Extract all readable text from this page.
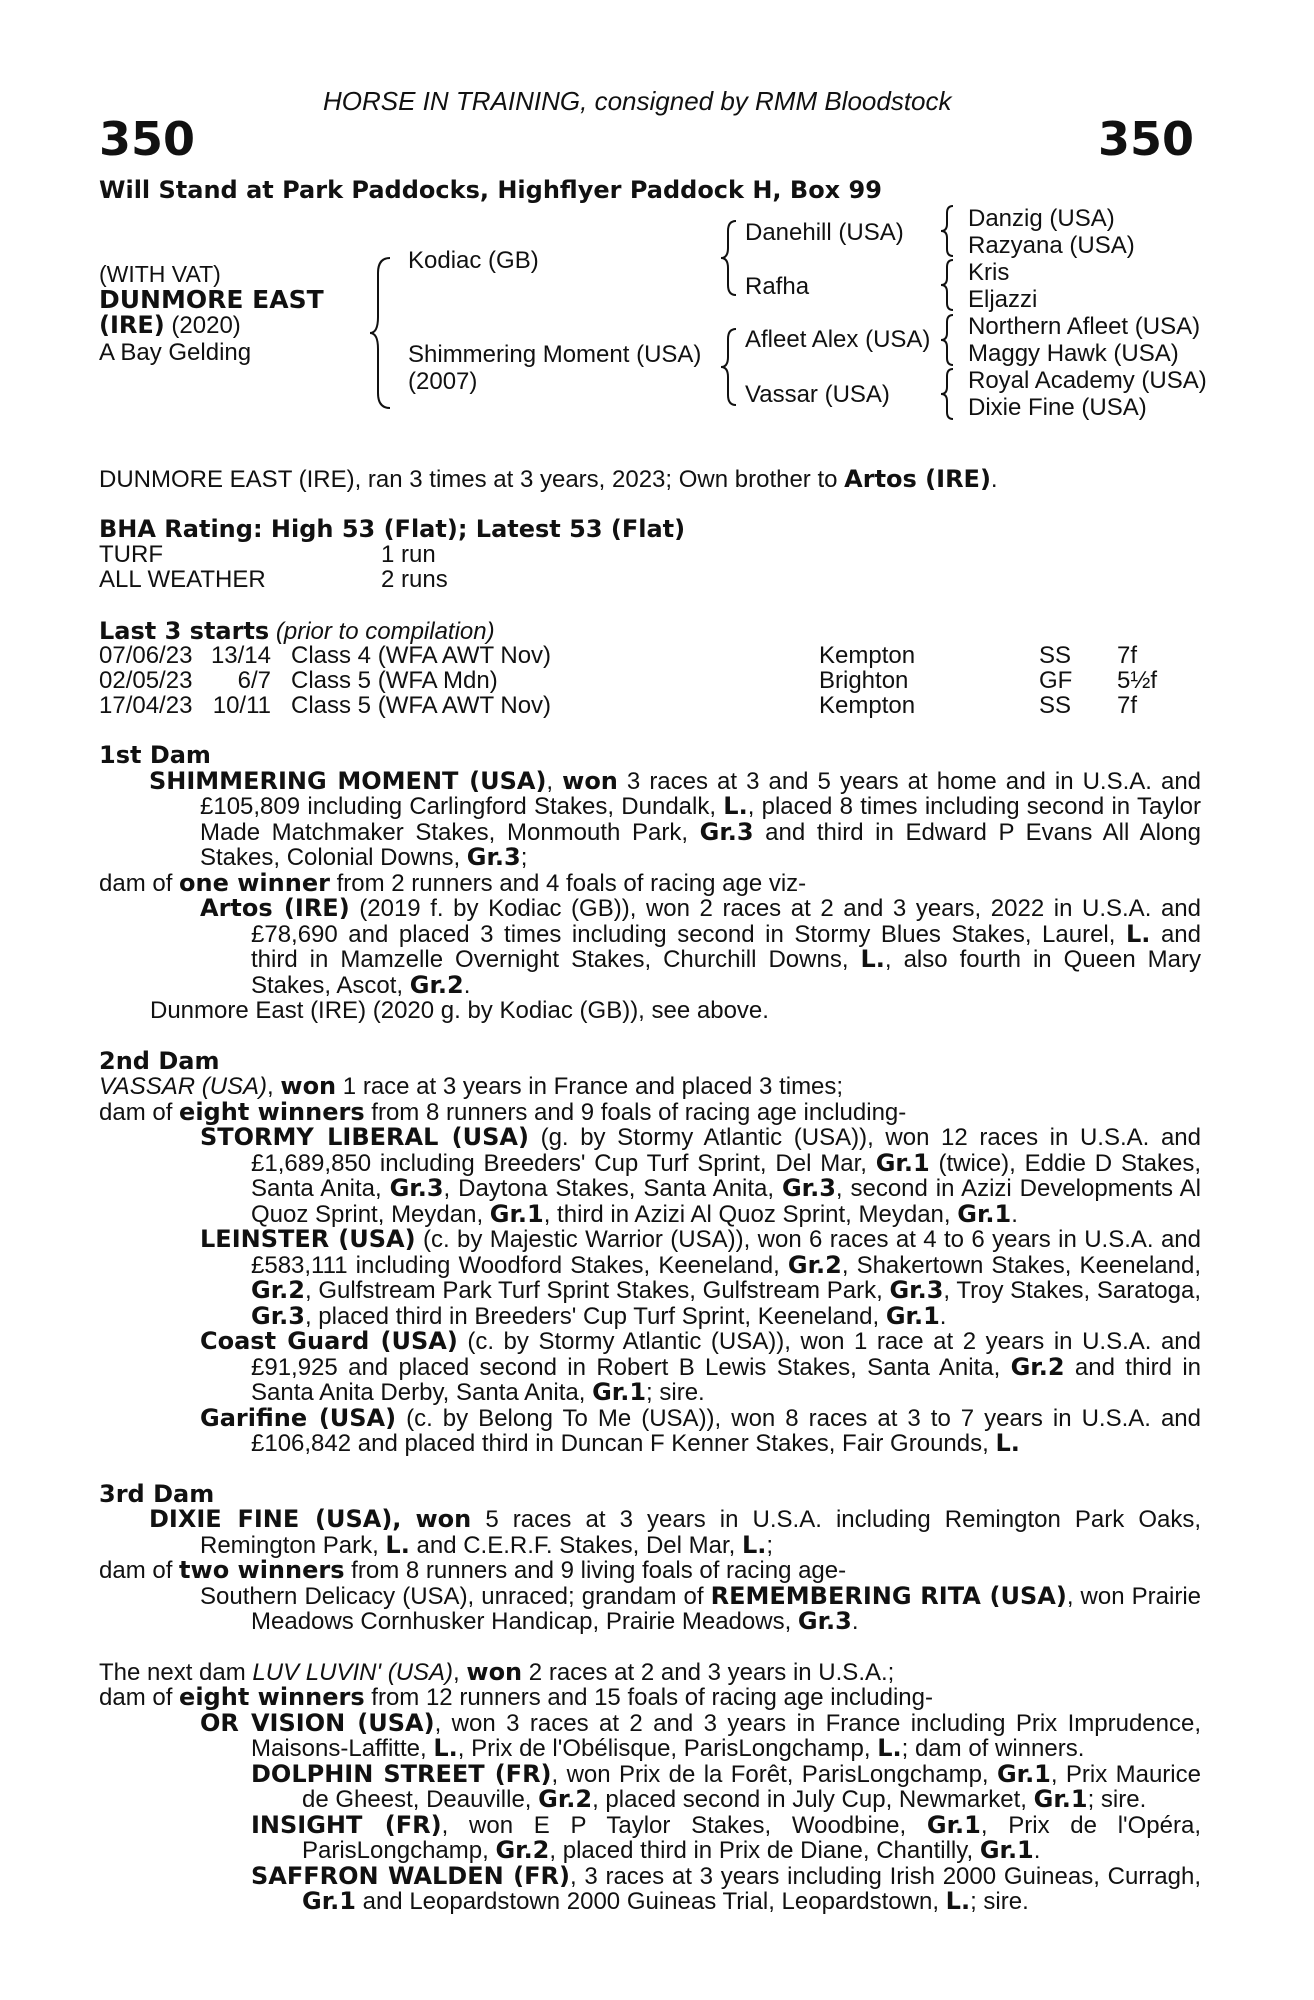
HORSE IN TRAINING, consigned by RMM Bloodstock
350	350
Will Stand at Park Paddocks, Highflyer Paddock H, Box 99
(WITH VAT)
DUNMORE EAST
(IRE) (2020)
A Bay Gelding
Kodiac (GB)
Shimmering Moment (USA)
(2007)
Danehill (USA)
Rafha
Afleet Alex (USA)
Vassar (USA)
Danzig (USA)
Razyana (USA)
Kris
Eljazzi
Northern Afleet (USA)
Maggy Hawk (USA)
Royal Academy (USA)
Dixie Fine (USA)
DUNMORE EAST (IRE), ran 3 times at 3 years, 2023; Own brother to Artos (IRE).
BHA Rating: High 53 (Flat); Latest 53 (Flat)
TURF	1 run
ALL WEATHER	2 runs
Last 3 starts (prior to compilation)
07/06/23 13/14 Class 4 (WFA AWT Nov)	Kempton	SS 7f
02/05/23 6/7 Class 5 (WFA Mdn)	Brighton	GF 5½f
17/04/23 10/11 Class 5 (WFA AWT Nov)	Kempton	SS 7f

1st Dam

SHIMMERING MOMENT (USA), won 3 races at 3 and 5 years at home and in U.S.A. and £105,809 including Carlingford Stakes, Dundalk, L., placed 8 times including second in Taylor Made Matchmaker Stakes, Monmouth Park, Gr.3 and third in Edward P Evans All Along Stakes, Colonial Downs, Gr.3;

dam of one winner from 2 runners and 4 foals of racing age viz-

Artos (IRE) (2019 f. by Kodiac (GB)), won 2 races at 2 and 3 years, 2022 in U.S.A. and £78,690 and placed 3 times including second in Stormy Blues Stakes, Laurel, L. and third in Mamzelle Overnight Stakes, Churchill Downs, L., also fourth in Queen Mary Stakes, Ascot, Gr.2.

Dunmore East (IRE) (2020 g. by Kodiac (GB)), see above.

2nd Dam

VASSAR (USA), won 1 race at 3 years in France and placed 3 times;

dam of eight winners from 8 runners and 9 foals of racing age including-

STORMY LIBERAL (USA) (g. by Stormy Atlantic (USA)), won 12 races in U.S.A. and £1,689,850 including Breeders' Cup Turf Sprint, Del Mar, Gr.1 (twice), Eddie D Stakes, Santa Anita, Gr.3, Daytona Stakes, Santa Anita, Gr.3, second in Azizi Developments Al Quoz Sprint, Meydan, Gr.1, third in Azizi Al Quoz Sprint, Meydan, Gr.1.

LEINSTER (USA) (c. by Majestic Warrior (USA)), won 6 races at 4 to 6 years in U.S.A. and £583,111 including Woodford Stakes, Keeneland, Gr.2, Shakertown Stakes, Keeneland, Gr.2, Gulfstream Park Turf Sprint Stakes, Gulfstream Park, Gr.3, Troy Stakes, Saratoga, Gr.3, placed third in Breeders' Cup Turf Sprint, Keeneland, Gr.1.

Coast Guard (USA) (c. by Stormy Atlantic (USA)), won 1 race at 2 years in U.S.A. and £91,925 and placed second in Robert B Lewis Stakes, Santa Anita, Gr.2 and third in Santa Anita Derby, Santa Anita, Gr.1; sire.

Garifine (USA) (c. by Belong To Me (USA)), won 8 races at 3 to 7 years in U.S.A. and £106,842 and placed third in Duncan F Kenner Stakes, Fair Grounds, L.

3rd Dam

DIXIE FINE (USA), won 5 races at 3 years in U.S.A. including Remington Park Oaks, Remington Park, L. and C.E.R.F. Stakes, Del Mar, L.;

dam of two winners from 8 runners and 9 living foals of racing age-

Southern Delicacy (USA), unraced; grandam of REMEMBERING RITA (USA), won Prairie Meadows Cornhusker Handicap, Prairie Meadows, Gr.3.

The next dam LUV LUVIN' (USA), won 2 races at 2 and 3 years in U.S.A.;

dam of eight winners from 12 runners and 15 foals of racing age including-

OR VISION (USA), won 3 races at 2 and 3 years in France including Prix Imprudence, Maisons-Laffitte, L., Prix de l'Obélisque, ParisLongchamp, L.; dam of winners.

DOLPHIN STREET (FR), won Prix de la Forêt, ParisLongchamp, Gr.1, Prix Maurice de Gheest, Deauville, Gr.2, placed second in July Cup, Newmarket, Gr.1; sire.

INSIGHT (FR), won E P Taylor Stakes, Woodbine, Gr.1, Prix de l'Opéra, ParisLongchamp, Gr.2, placed third in Prix de Diane, Chantilly, Gr.1.

SAFFRON WALDEN (FR), 3 races at 3 years including Irish 2000 Guineas, Curragh, Gr.1 and Leopardstown 2000 Guineas Trial, Leopardstown, L.; sire.
